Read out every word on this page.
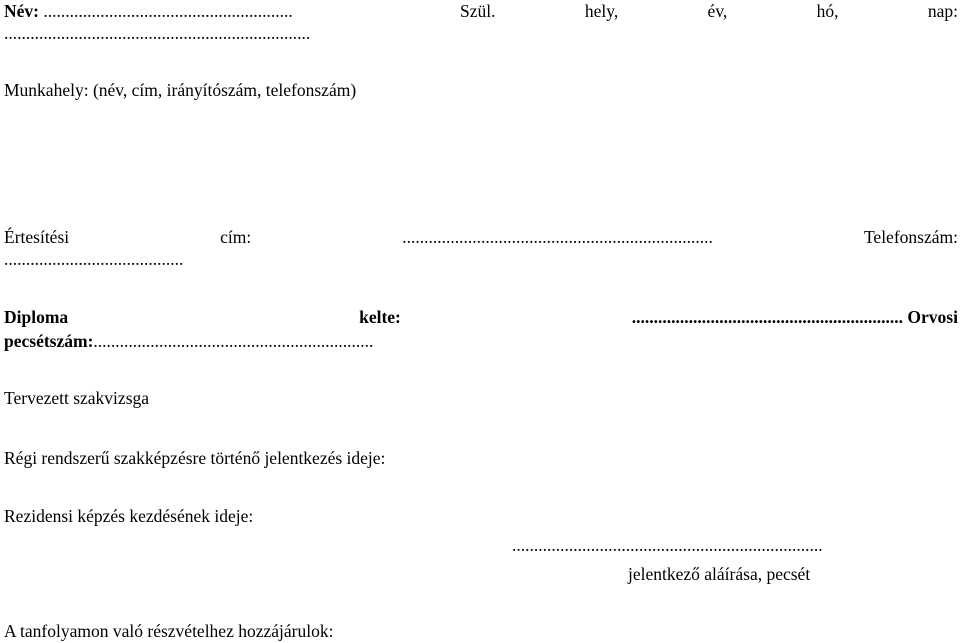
Név: .........................................................	Szül.	hely,	év,	hó,	nap:
......................................................................
Munkahely: (név, cím, irányítószám, telefonszám)
Értesítési	cím:	.......................................................................	Telefonszám:
.........................................
Diploma	kelte:	.............................................................. Orvosi
pecsétszám:................................................................
Tervezett szakvizsga
Régi rendszerű szakképzésre történő jelentkezés ideje:
Rezidensi képzés kezdésének ideje:
.......................................................................
jelentkező aláírása, pecsét
A tanfolyamon való részvételhez hozzájárulok:
